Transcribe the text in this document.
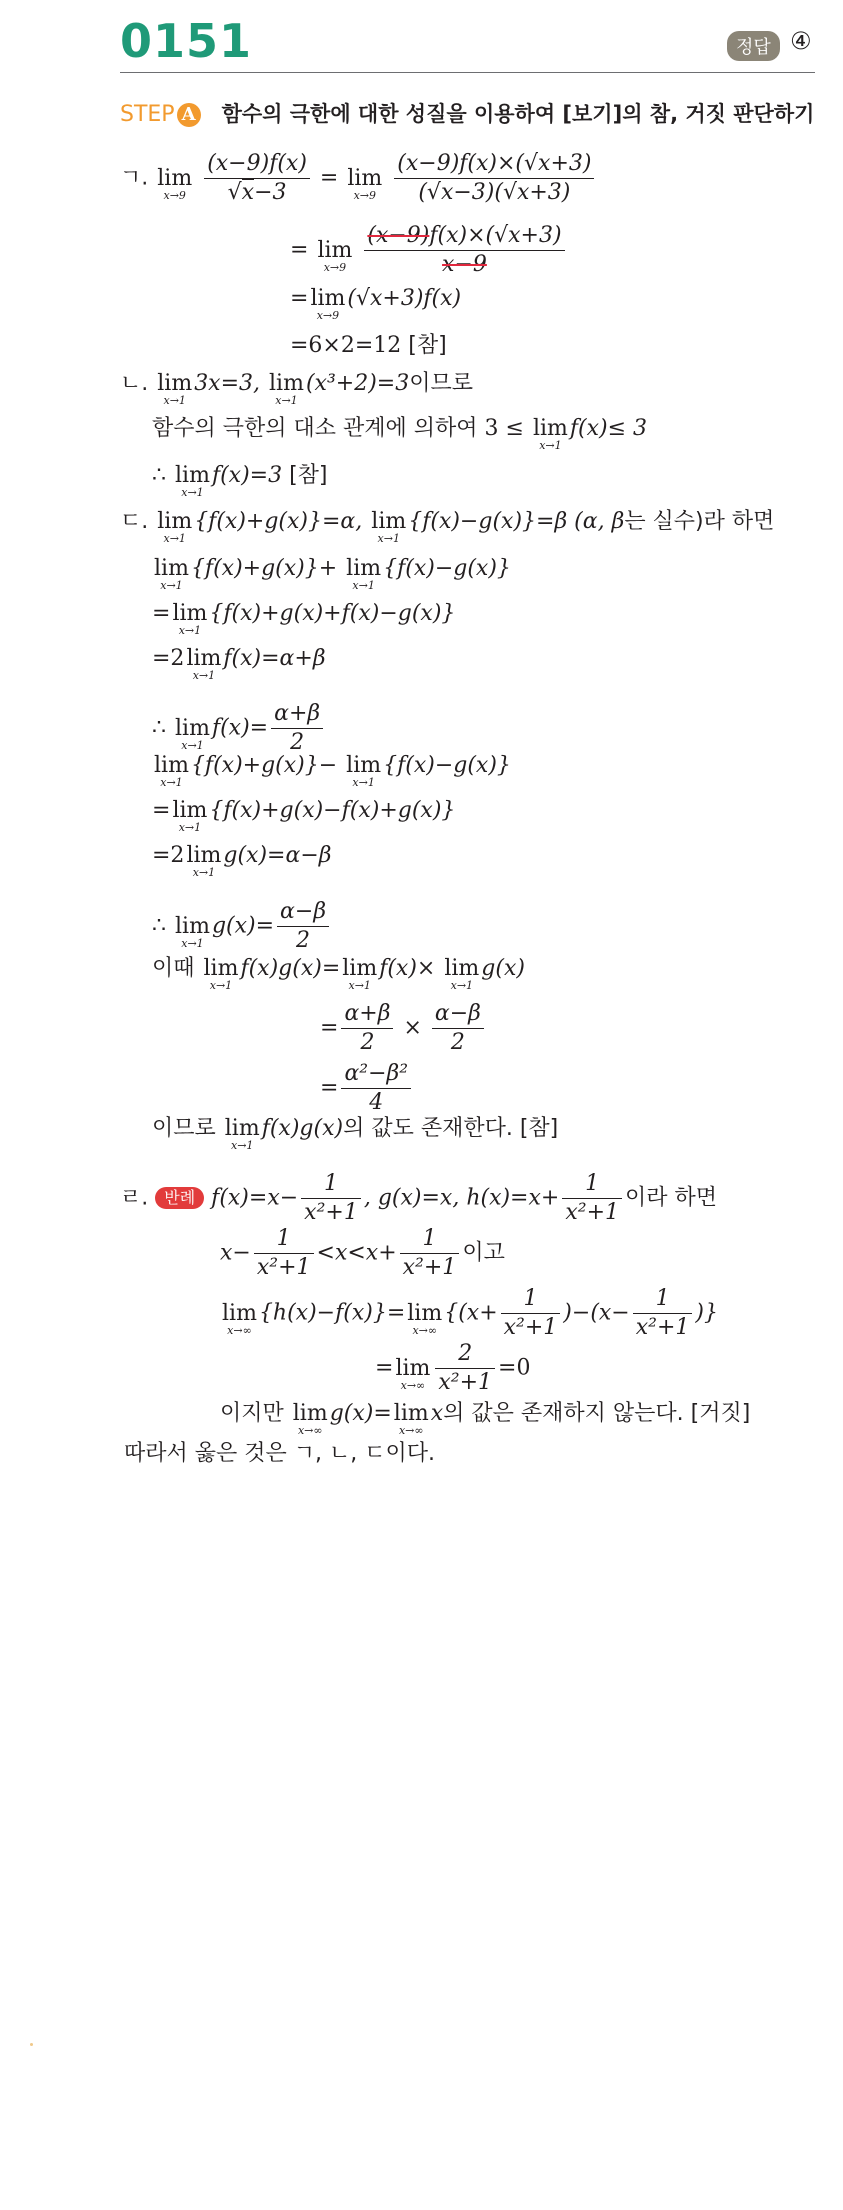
0151	정답 ④
STEP A 함수의 극한에 대한 성질을 이용하여 [보기]의 참, 거짓 판단하기
ㄱ. lim
x→9
$\frac{(x-9)f(x)}{√x-3} = \lim$
x→9
$\frac{(x-9)f(x)\times(√x+3)}{(√x-3)(√x+3)}$
= lim
x→9
$\frac{(x-9)f(x)\times(√x+3)}{x-9}$
= lim
x→9
(√x+3)f(x)
=6×2=12 [참]
ㄴ. lim
x→1
3x=3, lim
x→1
(x³+2)=3이므로
함수의 극한의 대소 관계에 의하여 3 ≤ lim
x→1
f(x)≤ 3
∴ lim
x→1
f(x)=3 [참]
ㄷ. lim
x→1
{f(x)+g(x)}=α, lim
x→1
{f(x)−g(x)}=β (α, β는 실수)라 하면
lim
x→1
{f(x)+g(x)}+ lim
x→1
{f(x)−g(x)}
= lim
x→1
{f(x)+g(x)+f(x)−g(x)}
=2 lim
x→1
f(x)=α+β
∴ lim
x→1
$f(x)= \frac{\alpha+\beta}{2}$
lim
x→1
{f(x)+g(x)}− lim
x→1
{f(x)−g(x)}
= lim
x→1
{f(x)+g(x)−f(x)+g(x)}
=2 lim
x→1
g(x)=α−β
∴ lim
x→1
$g(x)= \frac{\alpha-\beta}{2}$
이때 lim
x→1
f(x)g(x)= lim
x→1
f(x)× lim
x→1
g(x)
= $\frac{\alpha+\beta}{2} \times \frac{\alpha-\beta}{2}$
= $\frac{\text{α²−β²}}{4}$
이므로 lim
x→1
f(x)g(x)의 값도 존재한다. [참]
ㄹ. 반례 $f(x)=x- \frac{1}{\text{x²+1}}$ , g(x)=x, $h(x)=x+ \frac{1}{\text{x²+1}}$ 이라 하면
$x- \frac{1}{\text{x²+1}} <x<x+ \frac{1}{\text{x²+1}}$ 이고
lim
x→∞
{h(x)−f(x)}= lim
x→∞
{$(x+ \frac{1}{\text{x²+1}} )-(x- \frac{1}{\text{x²+1}}$ )}
= lim
$x\to\infty \frac{2}{\text{x²+1}} =0$
이지만 lim
x→∞
g(x)= lim
x→∞
x의 값은 존재하지 않는다. [거짓]
따라서 옳은 것은 ㄱ, ㄴ, ㄷ이다.
